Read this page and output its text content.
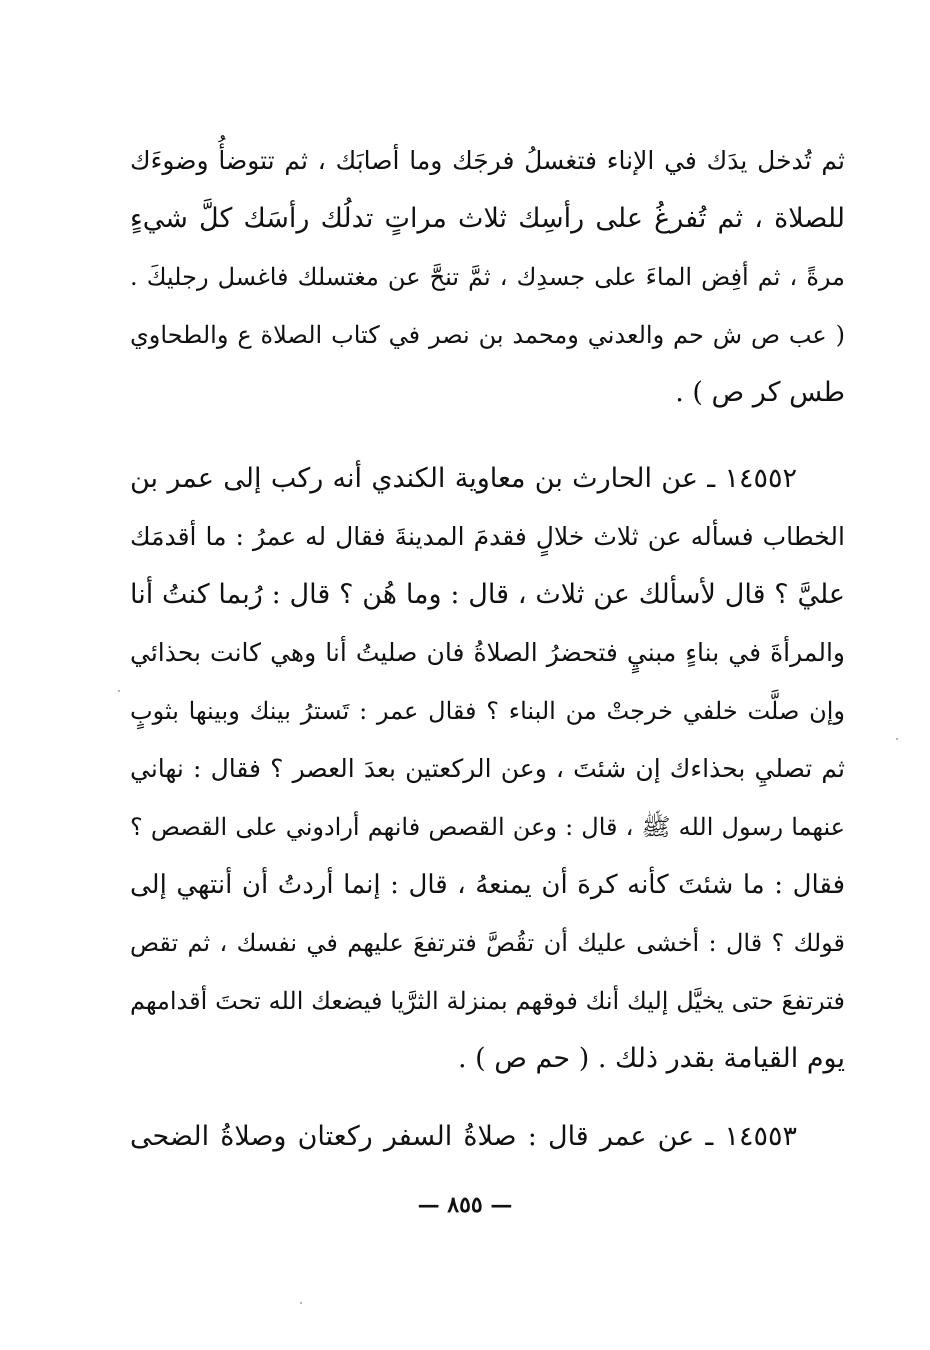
ثم تُدخل يدَك في الإناء فتغسلُ فرجَك وما أصابَك ، ثم تتوضأُ وضوءَك
للصلاة ، ثم تُفرغُ على رأسِك ثلاث مراتٍ تدلُك رأسَك كلَّ شيءٍ
مرةً ، ثم أفِض الماءَ على جسدِك ، ثمَّ تنحَّ عن مغتسلك فاغسل رجليكَ .
( عب ص ش حم والعدني ومحمد بن نصر في كتاب الصلاة ع والطحاوي
طس كر ص ) .
١٤٥٥٢ ـ عن الحارث بن معاوية الكندي أنه ركب إلى عمر بن
الخطاب فسأله عن ثلاث خلالٍ فقدمَ المدينةَ فقال له عمرُ : ما أقدمَك
عليَّ ؟ قال لأسألك عن ثلاث ، قال : وما هُن ؟ قال : رُبما كنتُ أنا
والمرأةَ في بناءٍ مبنيٍ فتحضرُ الصلاةُ فان صليتُ أنا وهي كانت بحذائي
وإن صلَّت خلفي خرجتْ من البناء ؟ فقال عمر : تَسترُ بينك وبينها بثوبٍ
ثم تصليِ بحذاءك إن شئتَ ، وعن الركعتين بعدَ العصر ؟ فقال : نهاني
عنهما رسول الله ﷺ ، قال : وعن القصص فانهم أرادوني على القصص ؟
فقال : ما شئتَ كأنه كرهَ أن يمنعهُ ، قال : إنما أردتُ أن أنتهي إلى
قولك ؟ قال : أخشى عليك أن تقُصَّ فترتفعَ عليهم في نفسك ، ثم تقص
فترتفعَ حتى يخيَّل إليك أنك فوقهم بمنزلة الثرَّيا فيضعك الله تحتَ أقدامهم
يوم القيامة بقدر ذلك . ( حم ص ) .
١٤٥٥٣ ـ عن عمر قال : صلاةُ السفر ركعتان وصلاةُ الضحى
— ٨٥٥ —
